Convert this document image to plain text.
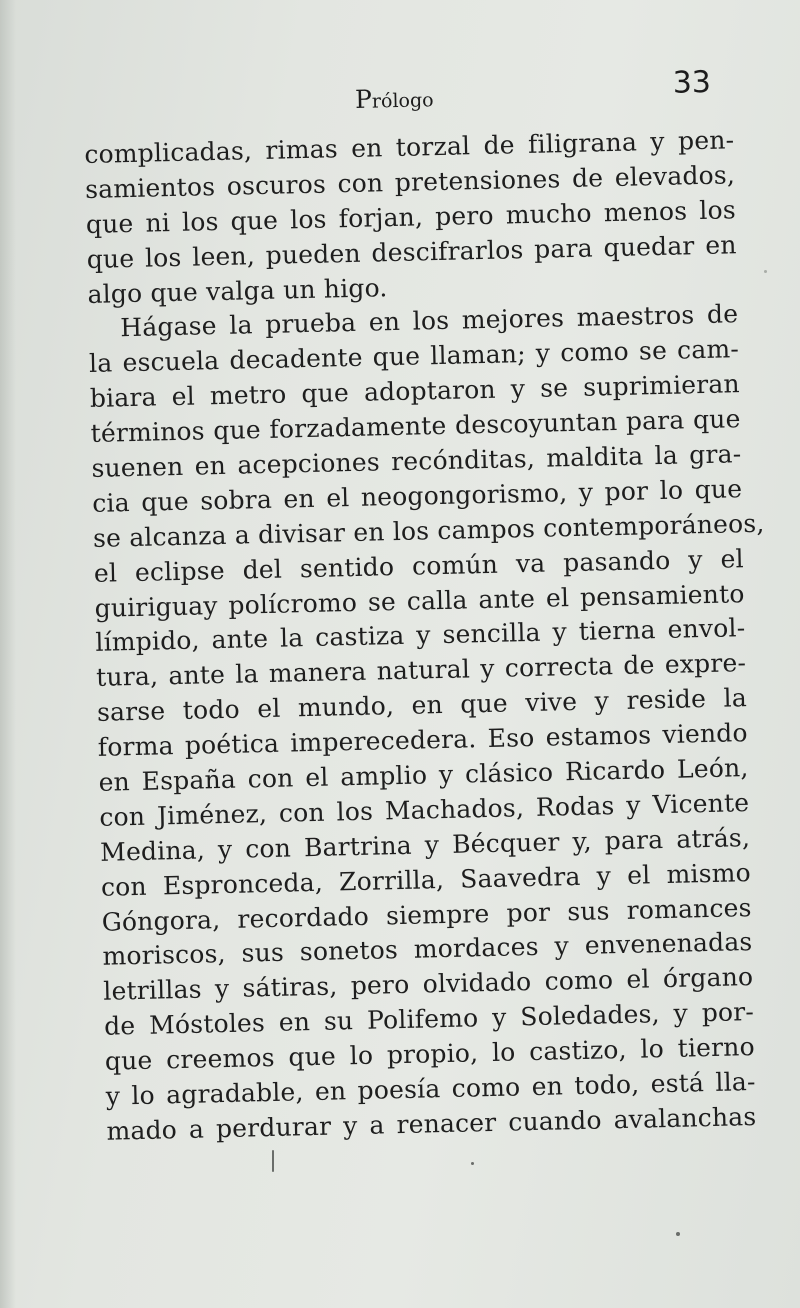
Prólogo
33
complicadas, rimas en torzal de filigrana y pen-
samientos oscuros con pretensiones de elevados,
que ni los que los forjan, pero mucho menos los
que los leen, pueden descifrarlos para quedar en
algo que valga un higo.
Hágase la prueba en los mejores maestros de
la escuela decadente que llaman; y como se cam-
biara el metro que adoptaron y se suprimieran
términos que forzadamente descoyuntan para que
suenen en acepciones recónditas, maldita la gra-
cia que sobra en el neogongorismo, y por lo que
se alcanza a divisar en los campos contemporáneos,
el eclipse del sentido común va pasando y el
guiriguay polícromo se calla ante el pensamiento
límpido, ante la castiza y sencilla y tierna envol-
tura, ante la manera natural y correcta de expre-
sarse todo el mundo, en que vive y reside la
forma poética imperecedera. Eso estamos viendo
en España con el amplio y clásico Ricardo León,
con Jiménez, con los Machados, Rodas y Vicente
Medina, y con Bartrina y Bécquer y, para atrás,
con Espronceda, Zorrilla, Saavedra y el mismo
Góngora, recordado siempre por sus romances
moriscos, sus sonetos mordaces y envenenadas
letrillas y sátiras, pero olvidado como el órgano
de Móstoles en su Polifemo y Soledades, y por-
que creemos que lo propio, lo castizo, lo tierno
y lo agradable, en poesía como en todo, está lla-
mado a perdurar y a renacer cuando avalanchas
